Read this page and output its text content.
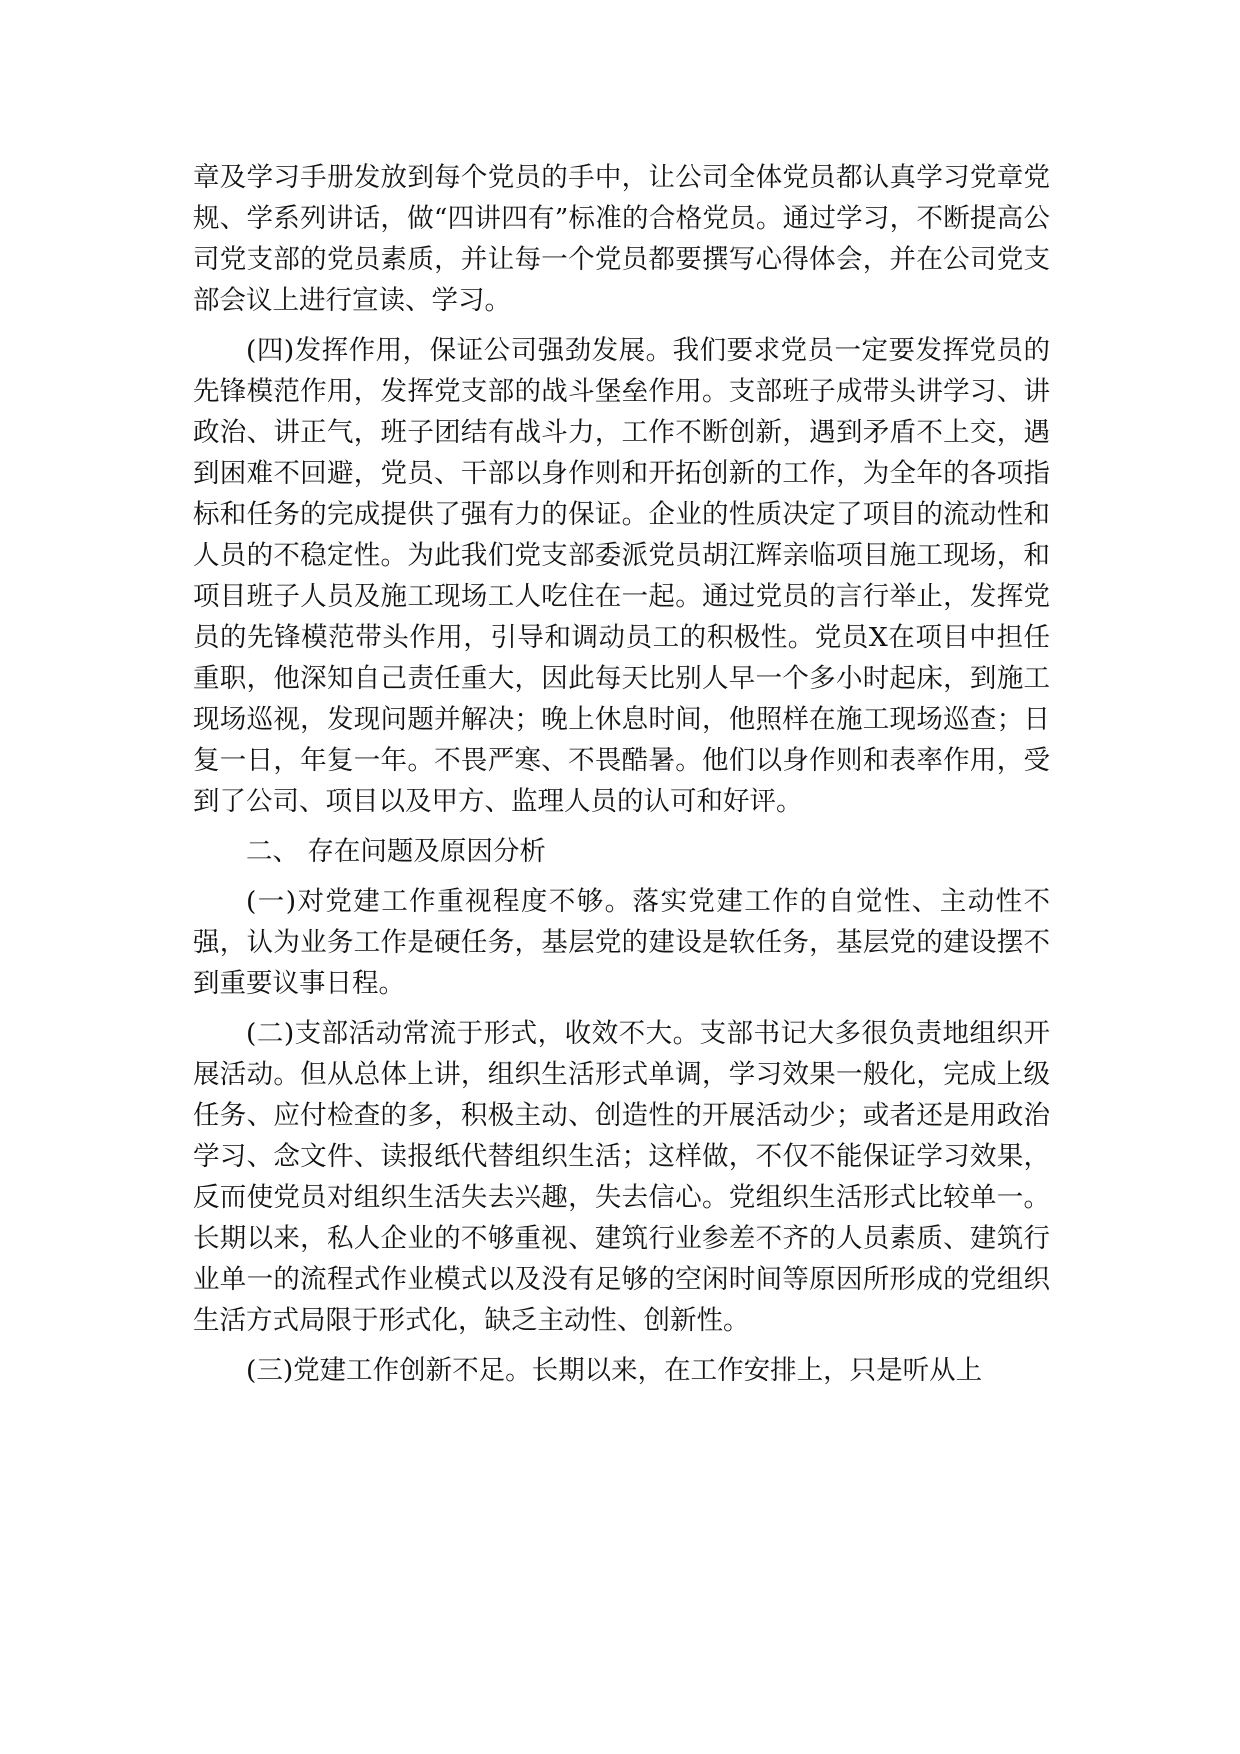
章及学习手册发放到每个党员的手中，让公司全体党员都认真学习党章党规、学系列讲话，做“四讲四有”标准的合格党员。通过学习，不断提高公司党支部的党员素质，并让每一个党员都要撰写心得体会，并在公司党支部会议上进行宣读、学习。

(四)发挥作用，保证公司强劲发展。我们要求党员一定要发挥党员的先锋模范作用，发挥党支部的战斗堡垒作用。支部班子成带头讲学习、讲政治、讲正气，班子团结有战斗力，工作不断创新，遇到矛盾不上交，遇到困难不回避，党员、干部以身作则和开拓创新的工作，为全年的各项指标和任务的完成提供了强有力的保证。企业的性质决定了项目的流动性和人员的不稳定性。为此我们党支部委派党员胡江辉亲临项目施工现场，和项目班子人员及施工现场工人吃住在一起。通过党员的言行举止，发挥党员的先锋模范带头作用，引导和调动员工的积极性。党员X在项目中担任重职，他深知自己责任重大，因此每天比别人早一个多小时起床，到施工现场巡视，发现问题并解决；晚上休息时间，他照样在施工现场巡查；日复一日，年复一年。不畏严寒、不畏酷暑。他们以身作则和表率作用，受到了公司、项目以及甲方、监理人员的认可和好评。

二、 存在问题及原因分析

(一)对党建工作重视程度不够。落实党建工作的自觉性、主动性不强，认为业务工作是硬任务，基层党的建设是软任务，基层党的建设摆不到重要议事日程。

(二)支部活动常流于形式，收效不大。支部书记大多很负责地组织开展活动。但从总体上讲，组织生活形式单调，学习效果一般化，完成上级任务、应付检查的多，积极主动、创造性的开展活动少；或者还是用政治学习、念文件、读报纸代替组织生活；这样做，不仅不能保证学习效果，反而使党员对组织生活失去兴趣，失去信心。党组织生活形式比较单一。长期以来，私人企业的不够重视、建筑行业参差不齐的人员素质、建筑行业单一的流程式作业模式以及没有足够的空闲时间等原因所形成的党组织生活方式局限于形式化，缺乏主动性、创新性。

(三)党建工作创新不足。长期以来，在工作安排上，只是听从上
